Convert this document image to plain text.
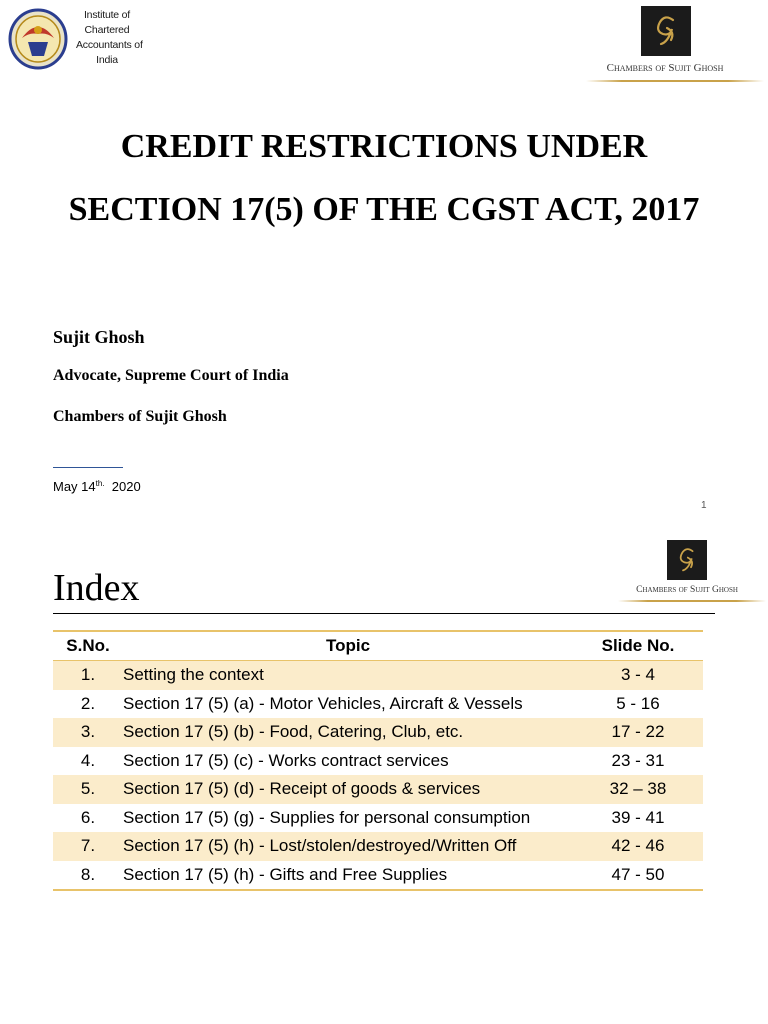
Institute of
Chartered
Accountants of
India
Chambers of Sujit Ghosh
CREDIT RESTRICTIONS UNDER
SECTION 17(5) OF THE CGST ACT, 2017
Sujit Ghosh
Advocate, Supreme Court of India
Chambers of Sujit Ghosh
May $14^{th.}$ 2020
1
Chambers of Sujit Ghosh
Index
S.No.	Topic	Slide No.
1.	Setting the context	3 - 4
2.	Section 17 (5) (a) - Motor Vehicles, Aircraft & Vessels	5 - 16
3.	Section 17 (5) (b) - Food, Catering, Club, etc.	17 - 22
4.	Section 17 (5) (c) - Works contract services	23 - 31
5.	Section 17 (5) (d) - Receipt of goods & services	32 – 38
6.	Section 17 (5) (g) - Supplies for personal consumption	39 - 41
7.	Section 17 (5) (h) - Lost/stolen/destroyed/Written Off	42 - 46
8.	Section 17 (5) (h) - Gifts and Free Supplies	47 - 50
